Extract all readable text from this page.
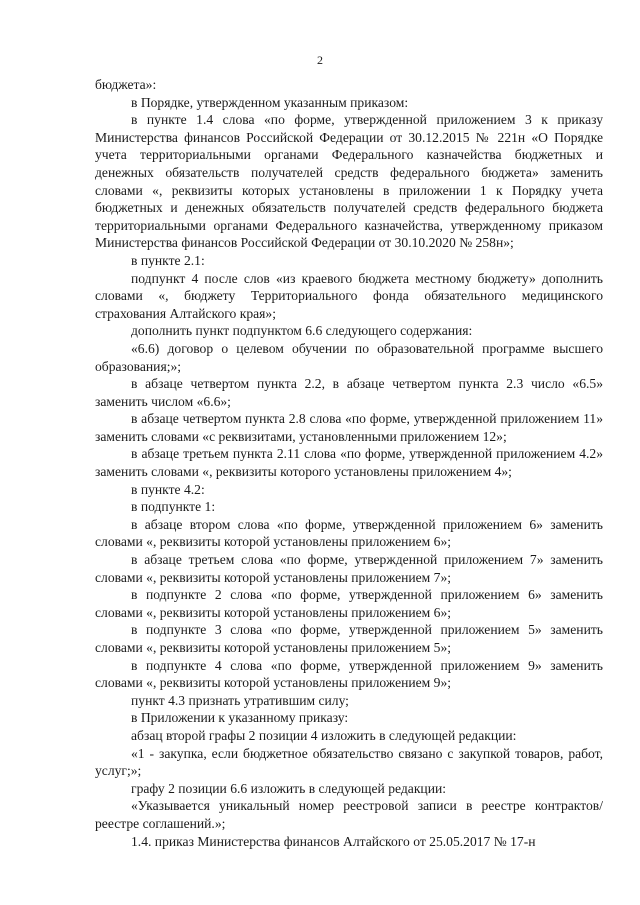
2

бюджета»:

в Порядке, утвержденном указанным приказом:

в пункте 1.4 слова «по форме, утвержденной приложением 3 к приказу Министерства финансов Российской Федерации от 30.12.2015 № 221н «О Порядке учета территориальными органами Федерального казначейства бюджетных и денежных обязательств получателей средств федерального бюджета» заменить словами «, реквизиты которых установлены в приложении 1 к Порядку учета бюджетных и денежных обязательств получателей средств федерального бюджета территориальными органами Федерального казначейства, утвержденному приказом Министерства финансов Российской Федерации от 30.10.2020 № 258н»;

в пункте 2.1:

подпункт 4 после слов «из краевого бюджета местному бюджету» дополнить словами «, бюджету Территориального фонда обязательного медицинского страхования Алтайского края»;

дополнить пункт подпунктом 6.6 следующего содержания:

«6.6) договор о целевом обучении по образовательной программе высшего образования;»;

в абзаце четвертом пункта 2.2, в абзаце четвертом пункта 2.3 число «6.5» заменить числом «6.6»;

в абзаце четвертом пункта 2.8 слова «по форме, утвержденной приложением 11» заменить словами «с реквизитами, установленными приложением 12»;

в абзаце третьем пункта 2.11 слова «по форме, утвержденной приложением 4.2» заменить словами «, реквизиты которого установлены приложением 4»;

в пункте 4.2:

в подпункте 1:

в абзаце втором слова «по форме, утвержденной приложением 6» заменить словами «, реквизиты которой установлены приложением 6»;

в абзаце третьем слова «по форме, утвержденной приложением 7» заменить словами «, реквизиты которой установлены приложением 7»;

в подпункте 2 слова «по форме, утвержденной приложением 6» заменить словами «, реквизиты которой установлены приложением 6»;

в подпункте 3 слова «по форме, утвержденной приложением 5» заменить словами «, реквизиты которой установлены приложением 5»;

в подпункте 4 слова «по форме, утвержденной приложением 9» заменить словами «, реквизиты которой установлены приложением 9»;

пункт 4.3 признать утратившим силу;

в Приложении к указанному приказу:

абзац второй графы 2 позиции 4 изложить в следующей редакции:

«1 - закупка, если бюджетное обязательство связано с закупкой товаров, работ, услуг;»;

графу 2 позиции 6.6 изложить в следующей редакции:

«Указывается уникальный номер реестровой записи в реестре контрактов/реестре соглашений.»;

1.4. приказ Министерства финансов Алтайского от 25.05.2017 № 17-н
